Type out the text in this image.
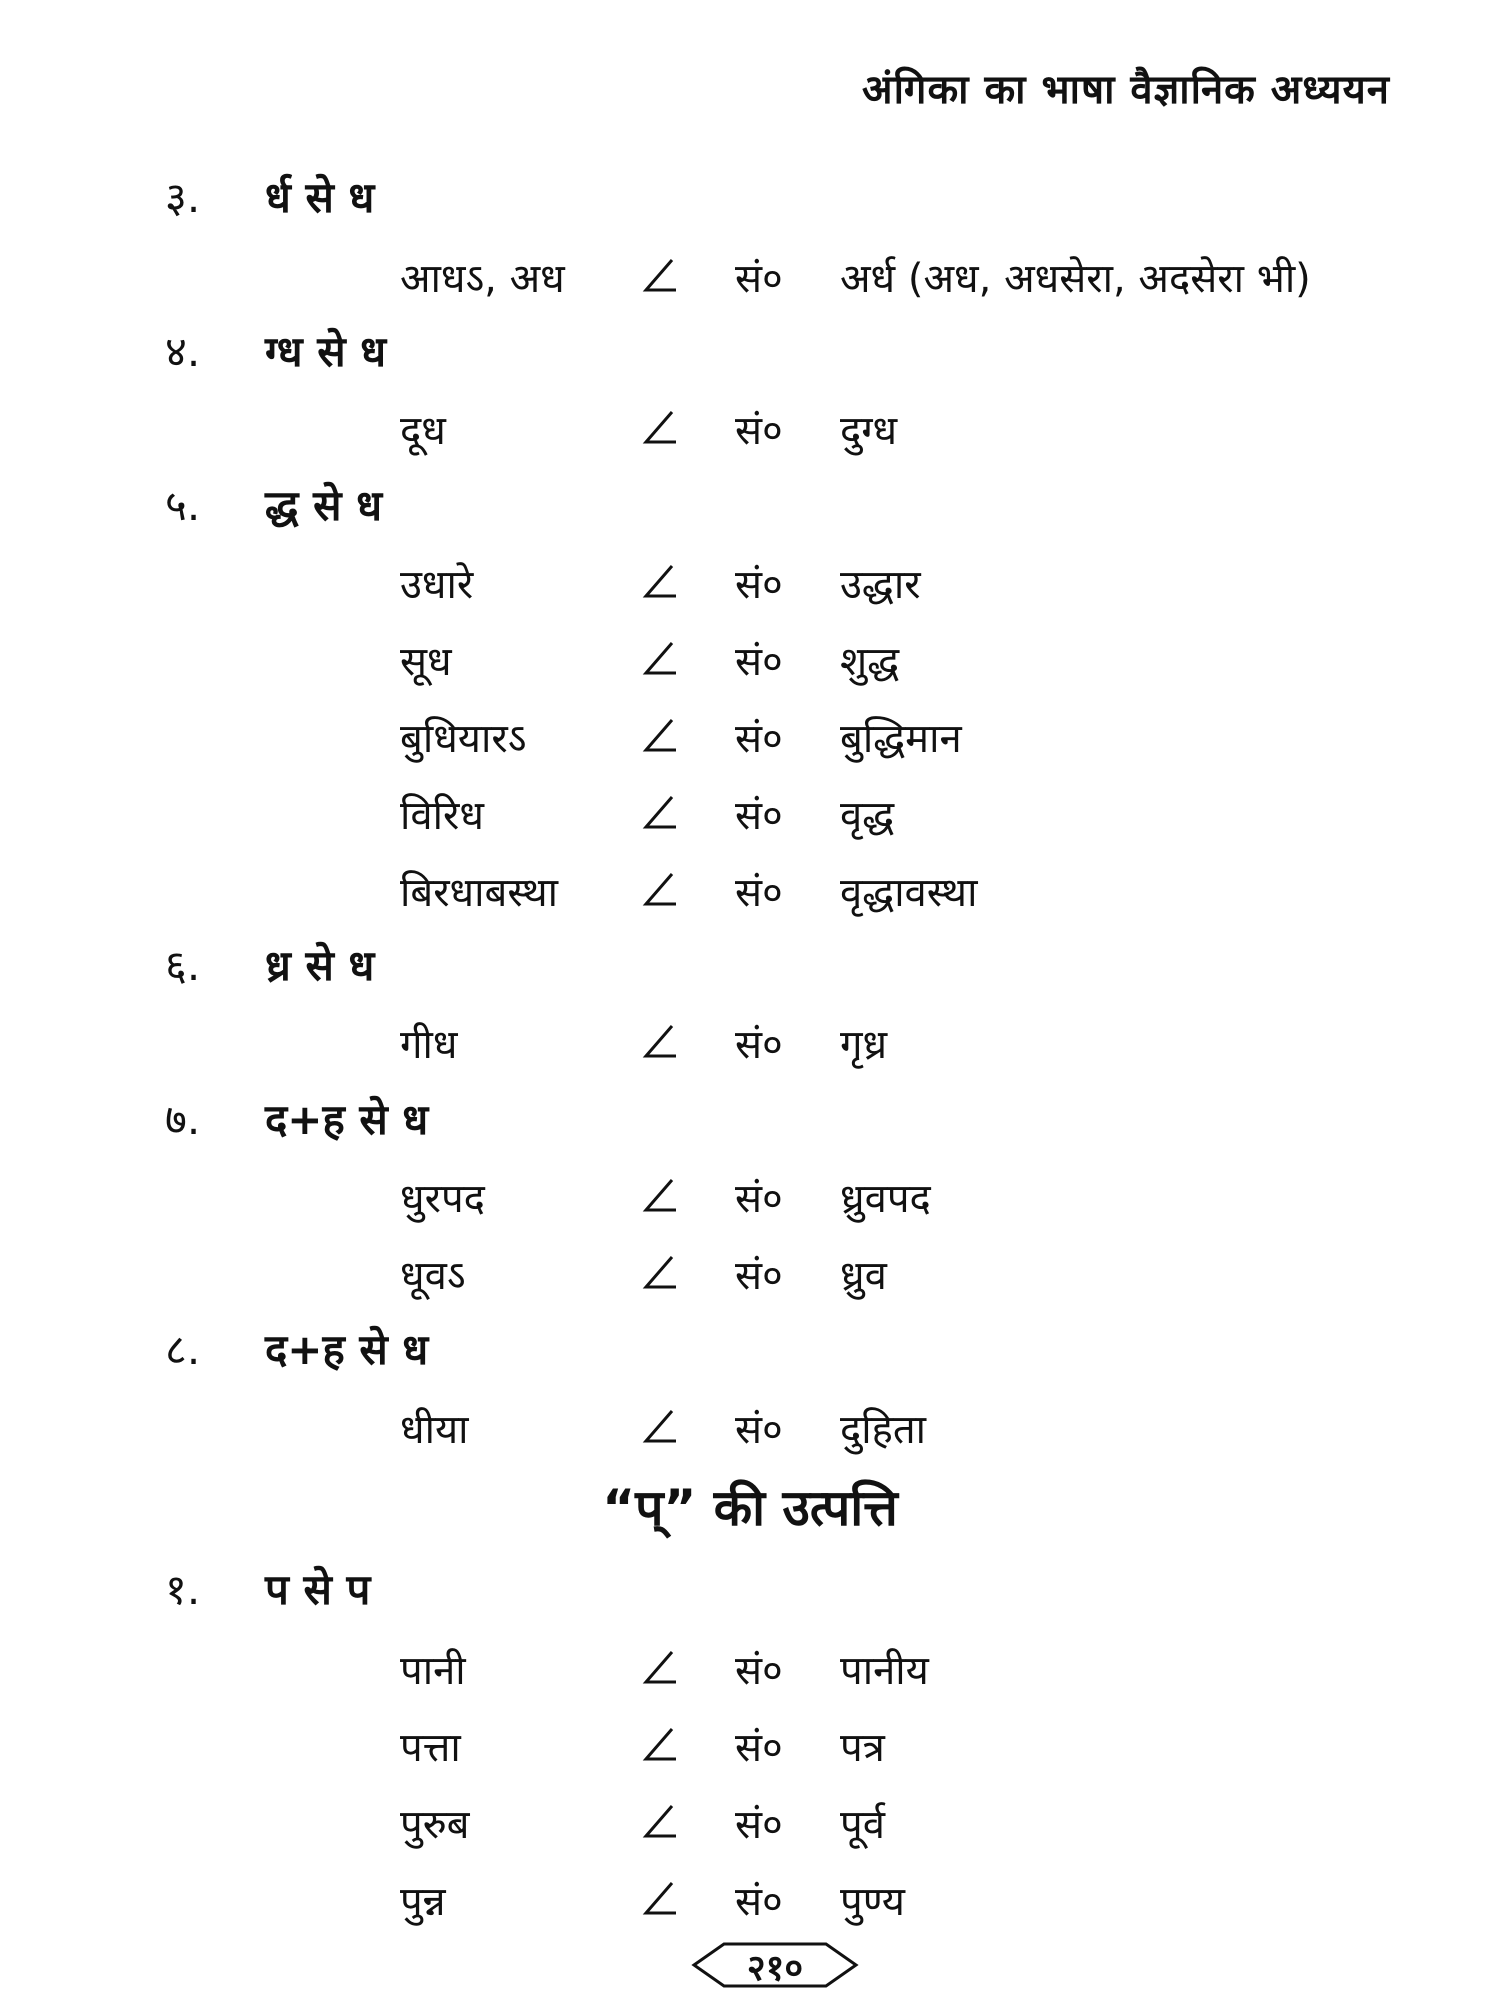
अंगिका का भाषा वैज्ञानिक अध्ययन
३.	र्ध से ध
आधऽ, अध	सं० अर्ध (अध, अधसेरा, अदसेरा भी)
४.	ग्ध से ध
दूध	सं० दुग्ध
५.	द्ध से ध
उधारे	सं० उद्धार
सूध	सं० शुद्ध
बुधियारऽ	सं० बुद्धिमान
विरिध	सं० वृद्ध
बिरधाबस्था	सं० वृद्धावस्था
६.	ध्र से ध
गीध	सं० गृध्र
७.	द+ह से ध
धुरपद	सं० ध्रुवपद
धूवऽ	सं० ध्रुव
८.	द+ह से ध
धीया	सं० दुहिता
“प्” की उत्पत्ति
१.	प से प
पानी	सं० पानीय
पत्ता	सं० पत्र
पुरुब	सं० पूर्व
पुन्न	सं० पुण्य
२१०
